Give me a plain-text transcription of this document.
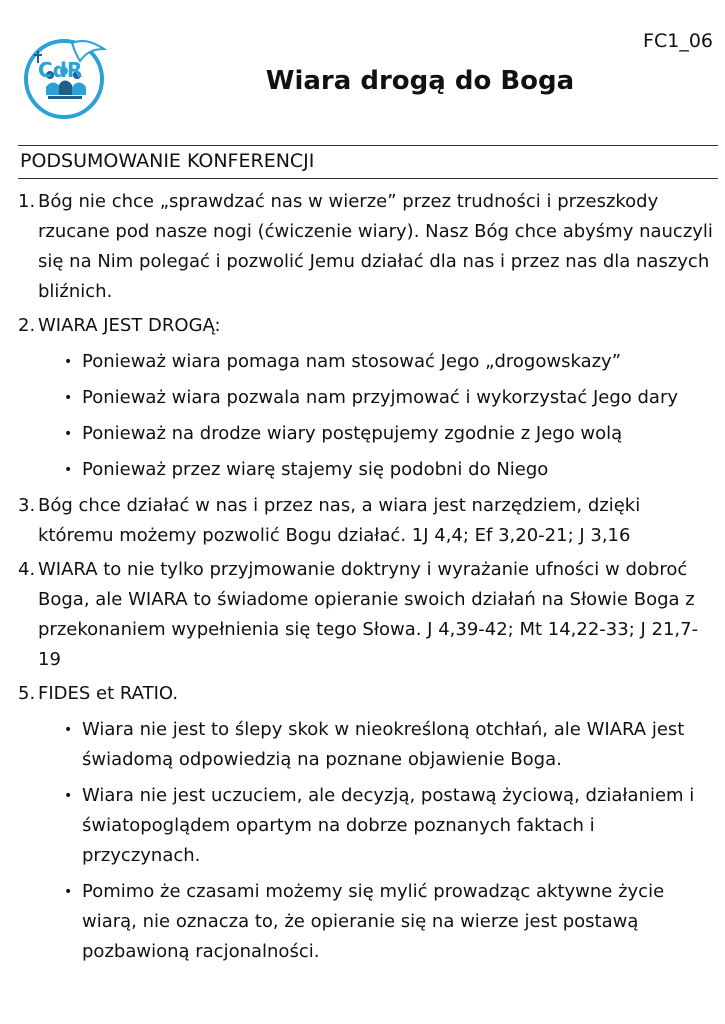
FC1_06
Wiara drogą do Boga
PODSUMOWANIE KONFERENCJI
1. Bóg nie chce „sprawdzać nas w wierze” przez trudności i przeszkody rzucane pod nasze nogi (ćwiczenie wiary). Nasz Bóg chce abyśmy nauczyli się na Nim polegać i pozwolić Jemu działać dla nas i przez nas dla naszych bliźnich.
2. WIARA JEST DROGĄ:
• Ponieważ wiara pomaga nam stosować Jego „drogowskazy”
• Ponieważ wiara pozwala nam przyjmować i wykorzystać Jego dary
• Ponieważ na drodze wiary postępujemy zgodnie z Jego wolą
• Ponieważ przez wiarę stajemy się podobni do Niego
3. Bóg chce działać w nas i przez nas, a wiara jest narzędziem, dzięki któremu możemy pozwolić Bogu działać. 1J 4,4; Ef 3,20-21; J 3,16
4. WIARA to nie tylko przyjmowanie doktryny i wyrażanie ufności w dobroć Boga, ale WIARA to świadome opieranie swoich działań na Słowie Boga z przekonaniem wypełnienia się tego Słowa. J 4,39-42; Mt 14,22-33; J 21,7-19
5. FIDES et RATIO.
• Wiara nie jest to ślepy skok w nieokreśloną otchłań, ale WIARA jest świadomą odpowiedzią na poznane objawienie Boga.
• Wiara nie jest uczuciem, ale decyzją, postawą życiową, działaniem i światopoglądem opartym na dobrze poznanych faktach i przyczynach.
• Pomimo że czasami możemy się mylić prowadząc aktywne życie wiarą, nie oznacza to, że opieranie się na wierze jest postawą pozbawioną racjonalności.
CdR
